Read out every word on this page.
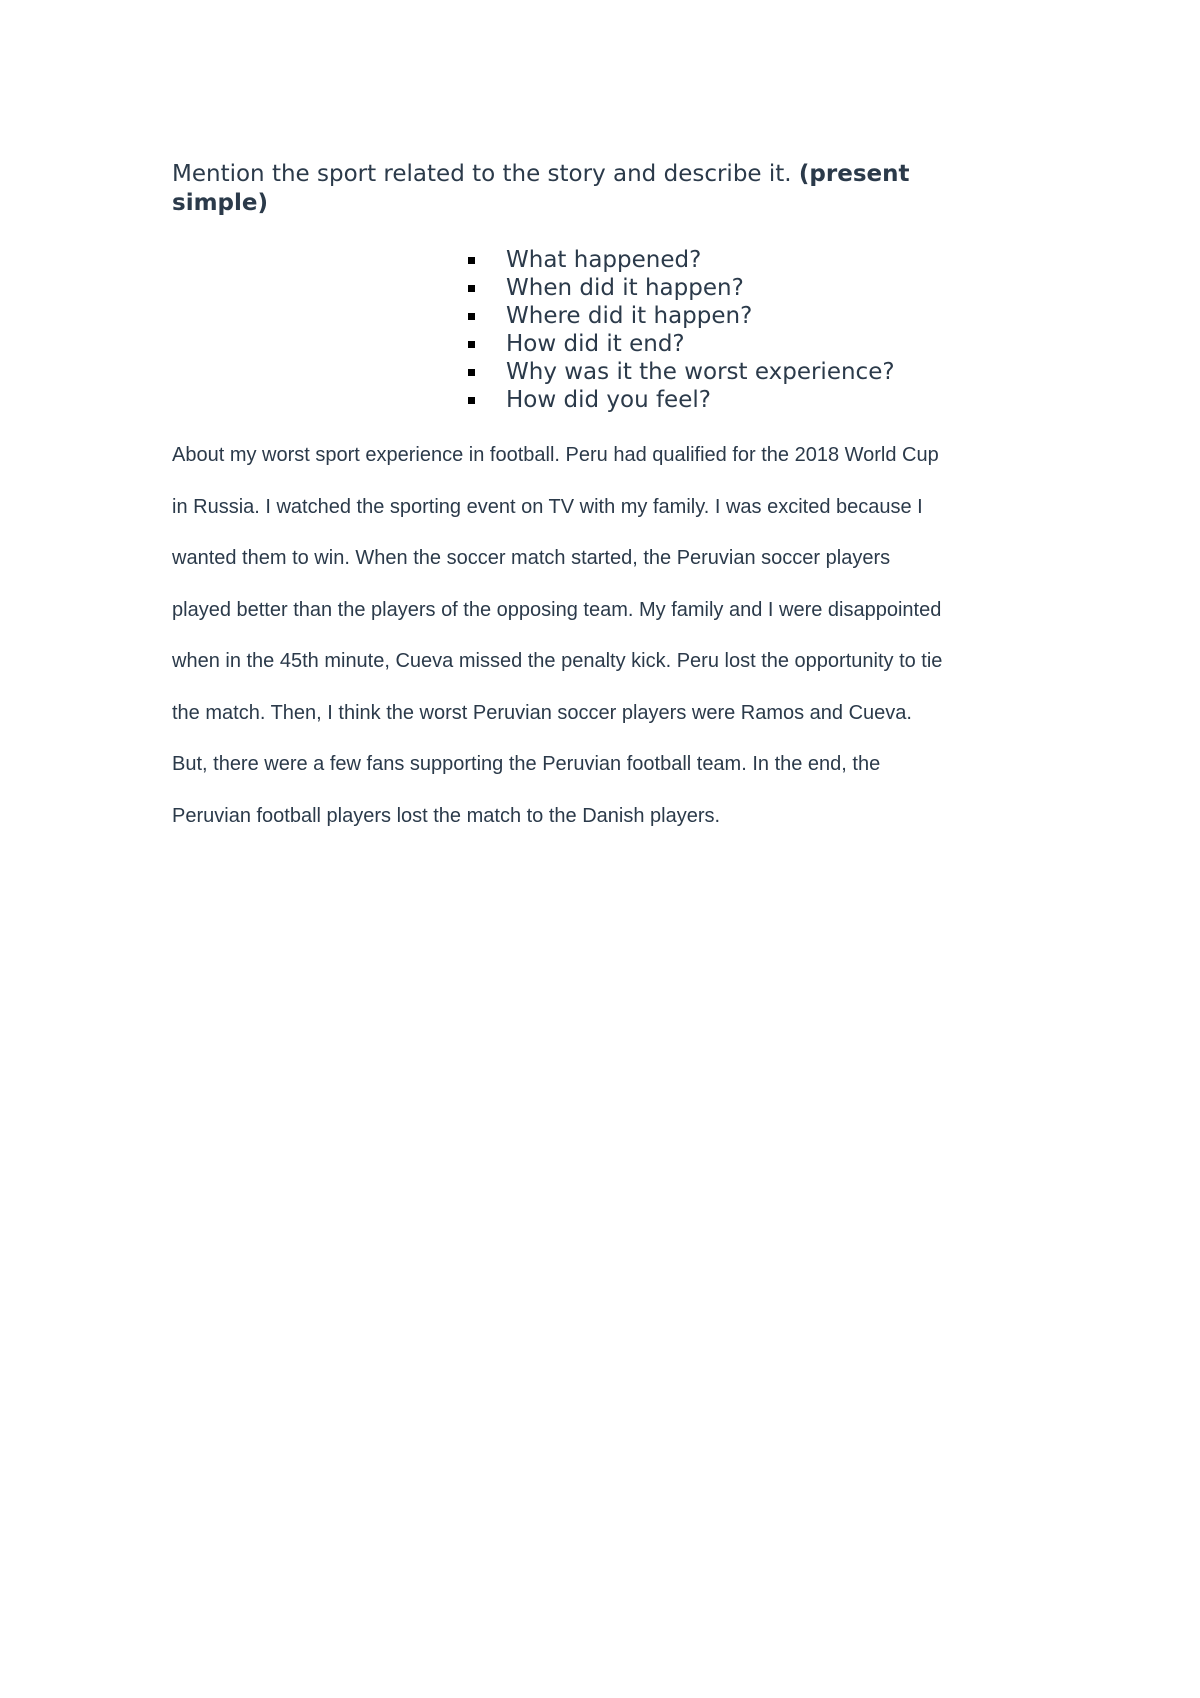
Mention the sport related to the story and describe it. (present simple)

What happened?
When did it happen?
Where did it happen?
How did it end?
Why was it the worst experience?
How did you feel?
About my worst sport experience in football. Peru had qualified for the 2018 World Cup
in Russia. I watched the sporting event on TV with my family. I was excited because I
wanted them to win. When the soccer match started, the Peruvian soccer players
played better than the players of the opposing team. My family and I were disappointed
when in the 45th minute, Cueva missed the penalty kick. Peru lost the opportunity to tie
the match. Then, I think the worst Peruvian soccer players were Ramos and Cueva.
But, there were a few fans supporting the Peruvian football team. In the end, the
Peruvian football players lost the match to the Danish players.
